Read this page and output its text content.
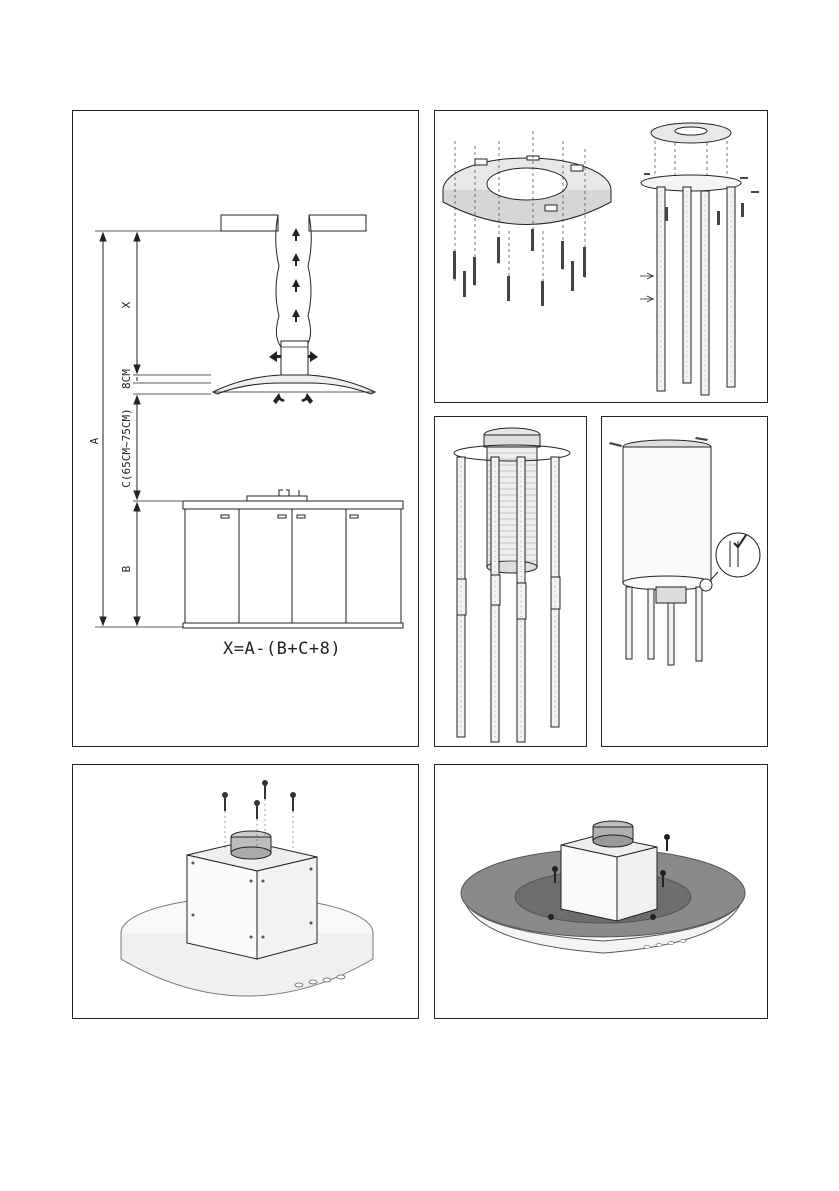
X
8CM
C(65CM~75CM)
A
B
X=A-(B+C+8)
